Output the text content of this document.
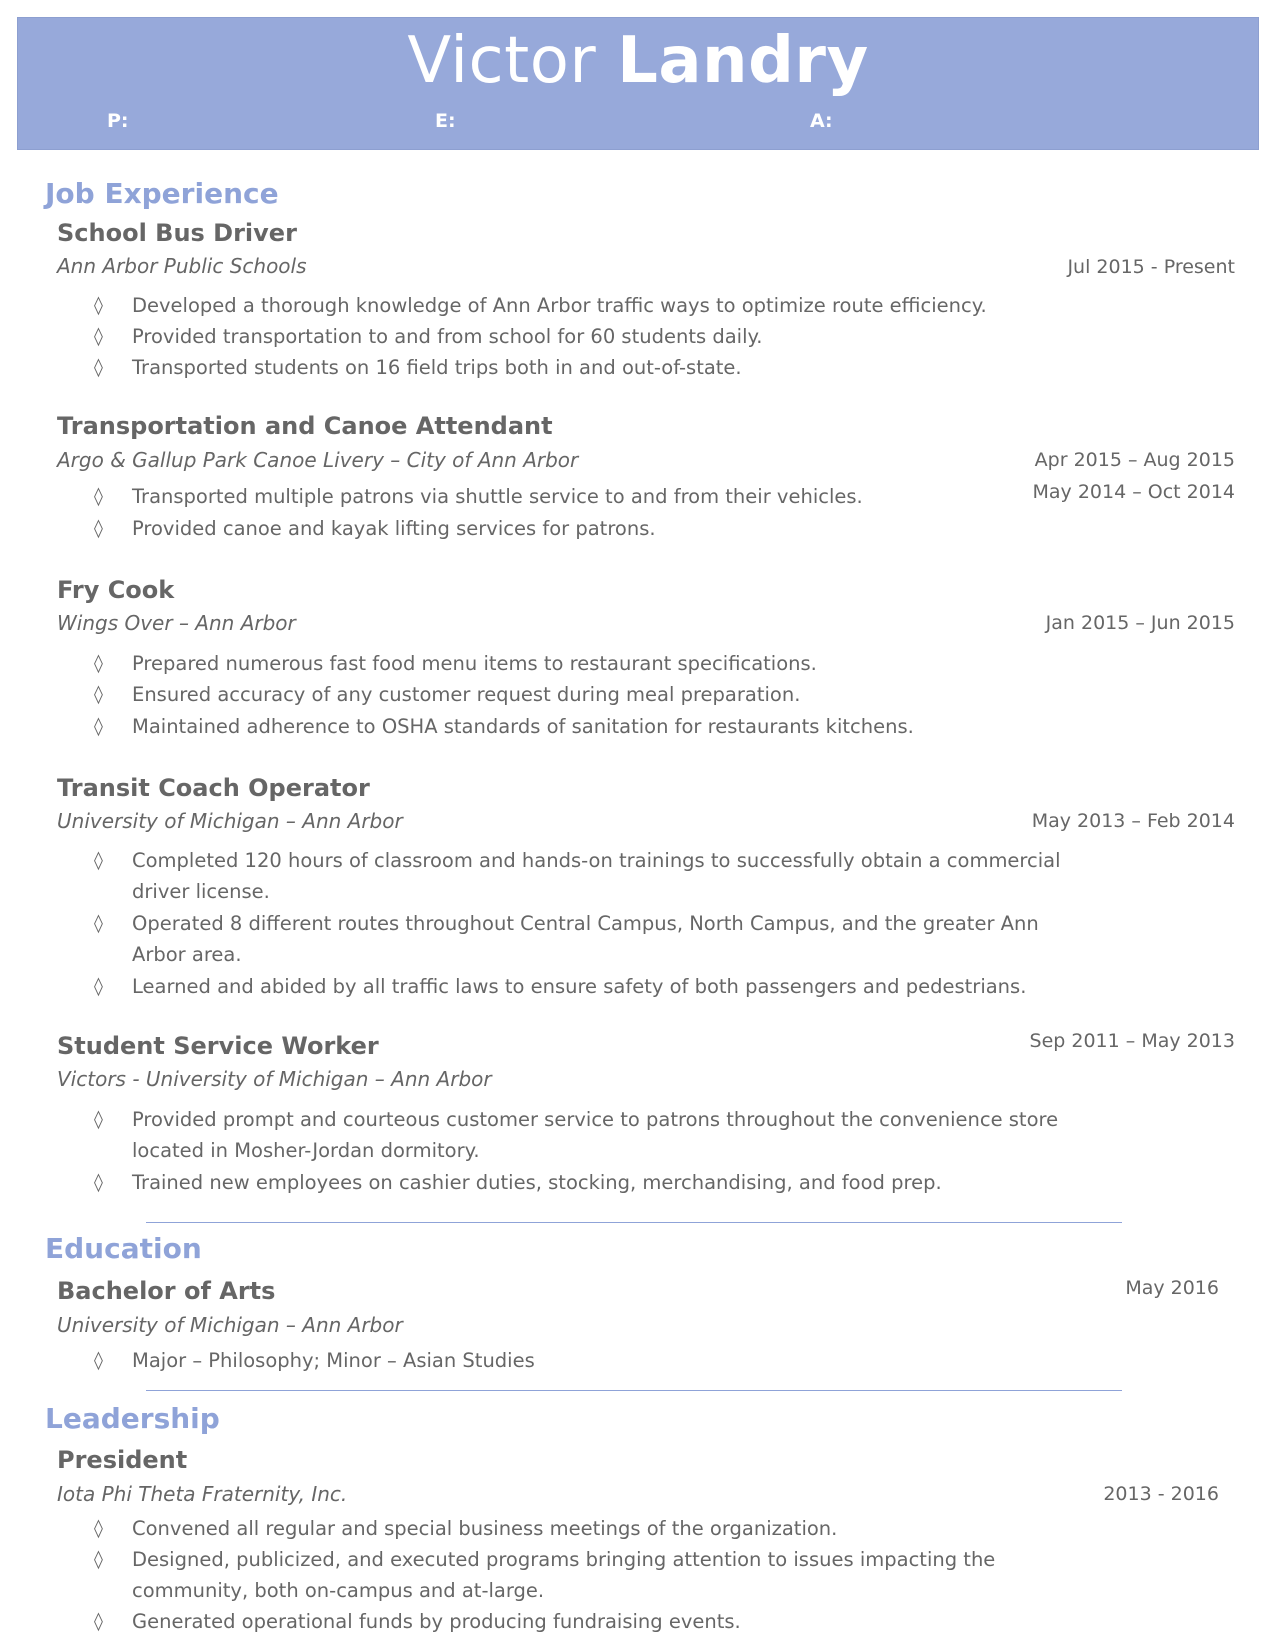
Victor Landry
P:	E:	A:
Job Experience
School Bus Driver
Ann Arbor Public Schools	Jul 2015 - Present
◊	Developed a thorough knowledge of Ann Arbor traffic ways to optimize route efficiency.
◊	Provided transportation to and from school for 60 students daily.
◊	Transported students on 16 field trips both in and out-of-state.
Transportation and Canoe Attendant
Argo & Gallup Park Canoe Livery – City of Ann Arbor	Apr 2015 – Aug 2015
May 2014 – Oct 2014
◊	Transported multiple patrons via shuttle service to and from their vehicles.
◊	Provided canoe and kayak lifting services for patrons.
Fry Cook
Wings Over – Ann Arbor	Jan 2015 – Jun 2015
◊	Prepared numerous fast food menu items to restaurant specifications.
◊	Ensured accuracy of any customer request during meal preparation.
◊	Maintained adherence to OSHA standards of sanitation for restaurants kitchens.
Transit Coach Operator
University of Michigan – Ann Arbor	May 2013 – Feb 2014
◊	Completed 120 hours of classroom and hands-on trainings to successfully obtain a commercial driver license.
◊	Operated 8 different routes throughout Central Campus, North Campus, and the greater Ann Arbor area.
◊	Learned and abided by all traffic laws to ensure safety of both passengers and pedestrians.
Student Service Worker	Sep 2011 – May 2013
Victors - University of Michigan – Ann Arbor
◊	Provided prompt and courteous customer service to patrons throughout the convenience store located in Mosher-Jordan dormitory.
◊	Trained new employees on cashier duties, stocking, merchandising, and food prep.
Education
Bachelor of Arts	May 2016
University of Michigan – Ann Arbor
◊	Major – Philosophy; Minor – Asian Studies
Leadership
President
Iota Phi Theta Fraternity, Inc.	2013 - 2016
◊	Convened all regular and special business meetings of the organization.
◊	Designed, publicized, and executed programs bringing attention to issues impacting the community, both on-campus and at-large.
◊	Generated operational funds by producing fundraising events.
